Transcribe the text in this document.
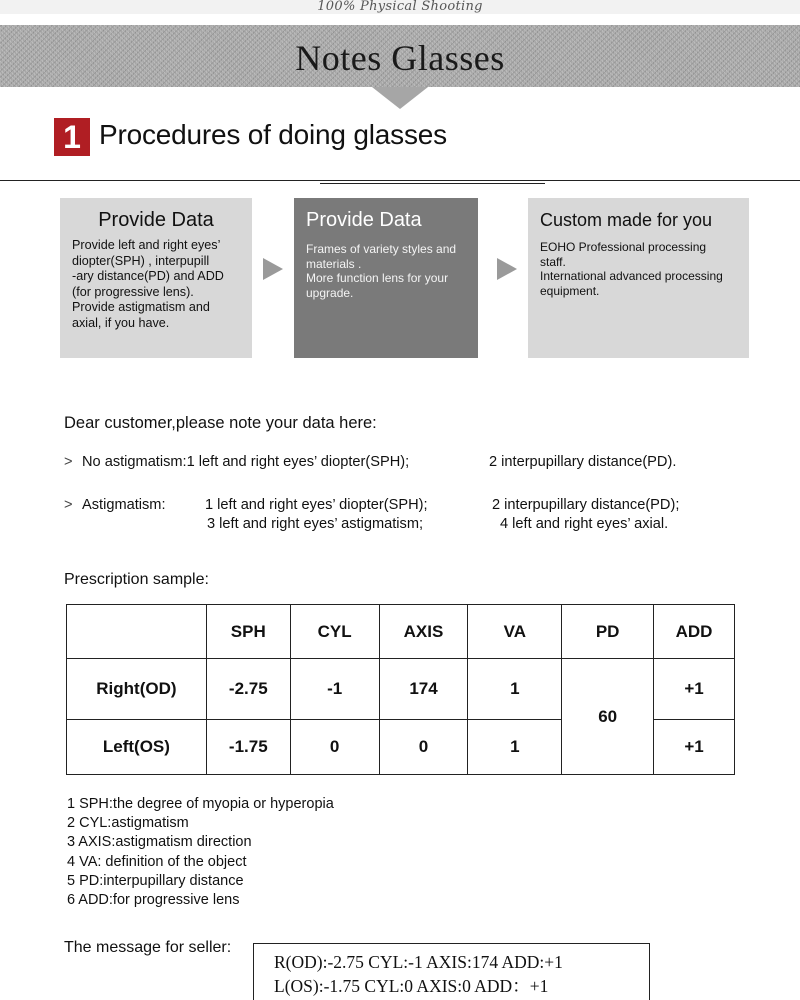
100% Physical Shooting
Notes Glasses
1 Procedures of doing glasses
Provide Data
Provide left and right eyes’
diopter(SPH) , interpupill
-ary distance(PD) and ADD
(for progressive lens).
Provide astigmatism and
axial, if you have.
Provide Data
Frames of variety styles and
materials .
More function lens for your
upgrade.
Custom made for you
EOHO Professional processing
staff.
International advanced processing
equipment.
Dear customer,please note your data here:
> No astigmatism:1 left and right eyes’ diopter(SPH);	2 interpupillary distance(PD).
> Astigmatism:	1 left and right eyes’ diopter(SPH);	2 interpupillary distance(PD);
3 left and right eyes’ astigmatism;	4 left and right eyes’ axial.
Prescription sample:
	SPH	CYL	AXIS	VA	PD	ADD
Right(OD)	-2.75	-1	174	1	60	+1
Left(OS)	-1.75	0	0	1		+1
1 SPH:the degree of myopia or hyperopia
2 CYL:astigmatism
3 AXIS:astigmatism direction
4 VA: definition of the object
5 PD:interpupillary distance
6 ADD:for progressive lens
The message for seller:
R(OD):-2.75 CYL:-1 AXIS:174 ADD:+1
L(OS):-1.75 CYL:0 AXIS:0 ADD：+1
